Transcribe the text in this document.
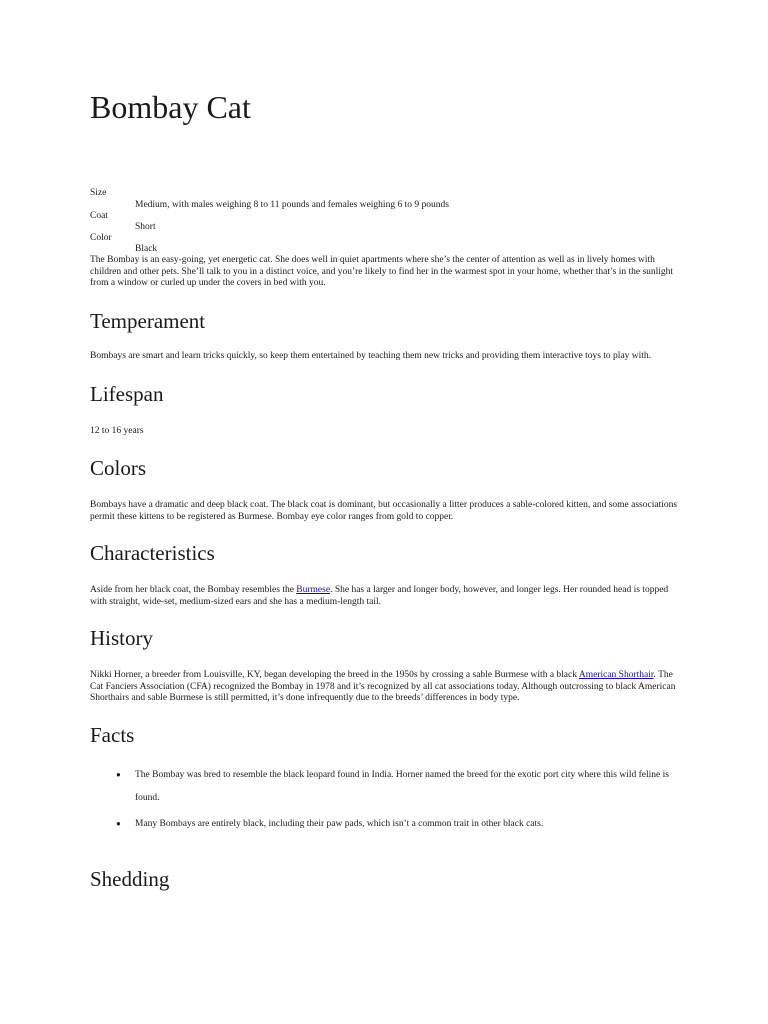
Bombay Cat
Size
Medium, with males weighing 8 to 11 pounds and females weighing 6 to 9 pounds
Coat
Short
Color
Black

The Bombay is an easy-going, yet energetic cat. She does well in quiet apartments where she’s the center of attention as well as in lively homes with children and other pets. She’ll talk to you in a distinct voice, and you’re likely to find her in the warmest spot in your home, whether that’s in the sunlight from a window or curled up under the covers in bed with you.

Temperament

Bombays are smart and learn tricks quickly, so keep them entertained by teaching them new tricks and providing them interactive toys to play with.

Lifespan

12 to 16 years

Colors

Bombays have a dramatic and deep black coat. The black coat is dominant, but occasionally a litter produces a sable-colored kitten, and some associations permit these kittens to be registered as Burmese. Bombay eye color ranges from gold to copper.

Characteristics

Aside from her black coat, the Bombay resembles the Burmese. She has a larger and longer body, however, and longer legs. Her rounded head is topped with straight, wide-set, medium-sized ears and she has a medium-length tail.

History

Nikki Horner, a breeder from Louisville, KY, began developing the breed in the 1950s by crossing a sable Burmese with a black American Shorthair. The Cat Fanciers Association (CFA) recognized the Bombay in 1978 and it’s recognized by all cat associations today. Although outcrossing to black American Shorthairs and sable Burmese is still permitted, it’s done infrequently due to the breeds’ differences in body type.

Facts
● The Bombay was bred to resemble the black leopard found in India. Horner named the breed for the exotic port city where this wild feline is found.

● Many Bombays are entirely black, including their paw pads, which isn’t a common trait in other black cats.

Shedding
